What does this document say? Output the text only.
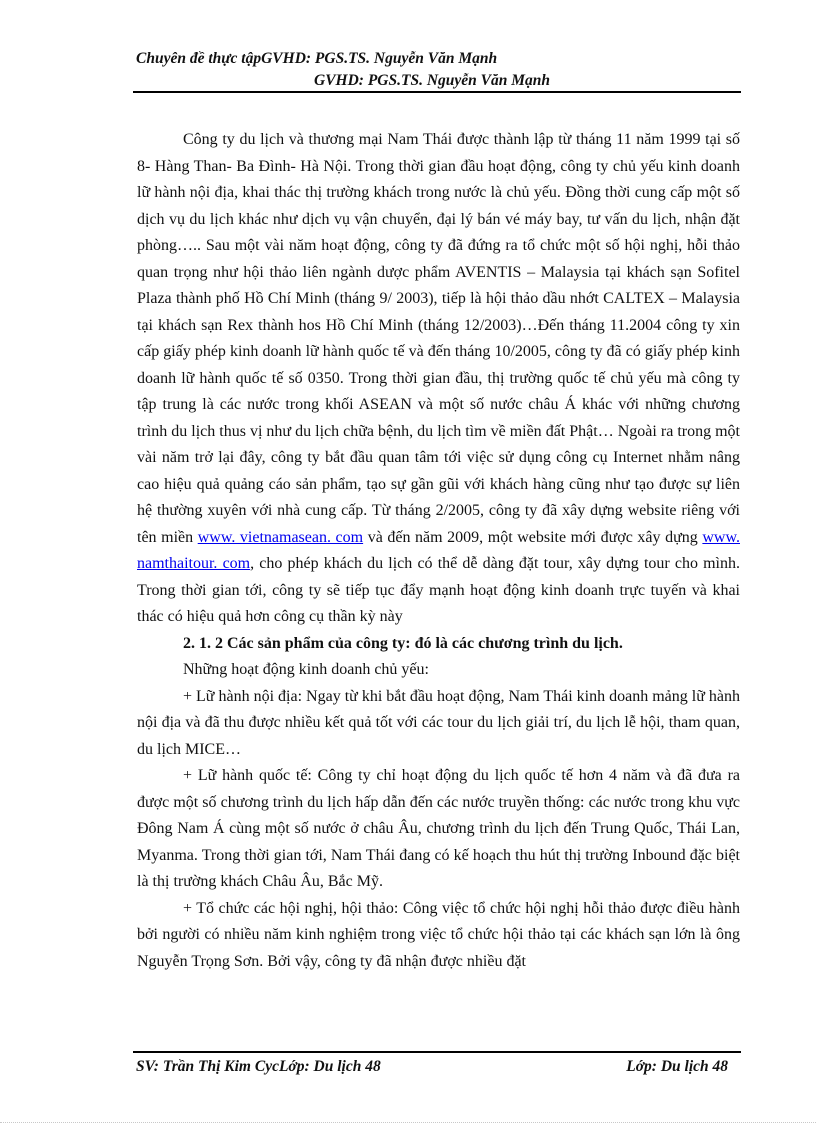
Chuyên đề thực tậpGVHD: PGS.TS. Nguyễn Văn Mạnh
GVHD: PGS.TS. Nguyễn Văn Mạnh

Công ty du lịch và thương mại Nam Thái được thành lập từ tháng 11 năm 1999 tại số 8- Hàng Than- Ba Đình- Hà Nội. Trong thời gian đầu hoạt động, công ty chủ yếu kinh doanh lữ hành nội địa, khai thác thị trường khách trong nước là chủ yếu. Đồng thời cung cấp một số dịch vụ du lịch khác như dịch vụ vận chuyển, đại lý bán vé máy bay, tư vấn du lịch, nhận đặt phòng….. Sau một vài năm hoạt động, công ty đã đứng ra tổ chức một số hội nghị, hỗi thảo quan trọng như hội thảo liên ngành dược phẩm AVENTIS – Malaysia tại khách sạn Sofitel Plaza thành phố Hồ Chí Minh (tháng 9/ 2003), tiếp là hội thảo dầu nhớt CALTEX – Malaysia tại khách sạn Rex thành hos Hồ Chí Minh (tháng 12/2003)…Đến tháng 11.2004 công ty xin cấp giấy phép kinh doanh lữ hành quốc tế và đến tháng 10/2005, công ty đã có giấy phép kinh doanh lữ hành quốc tế số 0350. Trong thời gian đầu, thị trường quốc tế chủ yếu mà công ty tập trung là các nước trong khối ASEAN và một số nước châu Á khác với những chương trình du lịch thus vị như du lịch chữa bệnh, du lịch tìm về miền đất Phật… Ngoài ra trong một vài năm trở lại đây, công ty bắt đầu quan tâm tới việc sử dụng công cụ Internet nhằm nâng cao hiệu quả quảng cáo sản phẩm, tạo sự gần gũi với khách hàng cũng như tạo được sự liên hệ thường xuyên với nhà cung cấp. Từ tháng 2/2005, công ty đã xây dựng website riêng với tên miền www. vietnamasean. com và đến năm 2009, một website mới được xây dựng www. namthaitour. com, cho phép khách du lịch có thể dễ dàng đặt tour, xây dựng tour cho mình. Trong thời gian tới, công ty sẽ tiếp tục đẩy mạnh hoạt động kinh doanh trực tuyến và khai thác có hiệu quả hơn công cụ thần kỳ này

2. 1. 2 Các sản phẩm của công ty: đó là các chương trình du lịch.

Những hoạt động kinh doanh chủ yếu:

+ Lữ hành nội địa: Ngay từ khi bắt đầu hoạt động, Nam Thái kinh doanh mảng lữ hành nội địa và đã thu được nhiều kết quả tốt với các tour du lịch giải trí, du lịch lễ hội, tham quan, du lịch MICE…

+ Lữ hành quốc tế: Công ty chỉ hoạt động du lịch quốc tế hơn 4 năm và đã đưa ra được một số chương trình du lịch hấp dẫn đến các nước truyền thống: các nước trong khu vực Đông Nam Á cùng một số nước ở châu Âu, chương trình du lịch đến Trung Quốc, Thái Lan, Myanma. Trong thời gian tới, Nam Thái đang có kế hoạch thu hút thị trường Inbound đặc biệt là thị trường khách Châu Âu, Bắc Mỹ.

+ Tổ chức các hội nghị, hội thảo: Công việc tổ chức hội nghị hỗi thảo được điều hành bởi người có nhiều năm kinh nghiệm trong việc tổ chức hội thảo tại các khách sạn lớn là ông Nguyễn Trọng Sơn. Bởi vậy, công ty đã nhận được nhiều đặt

SV: Trần Thị Kim CycLớp: Du lịch 48	Lớp: Du lịch 48
